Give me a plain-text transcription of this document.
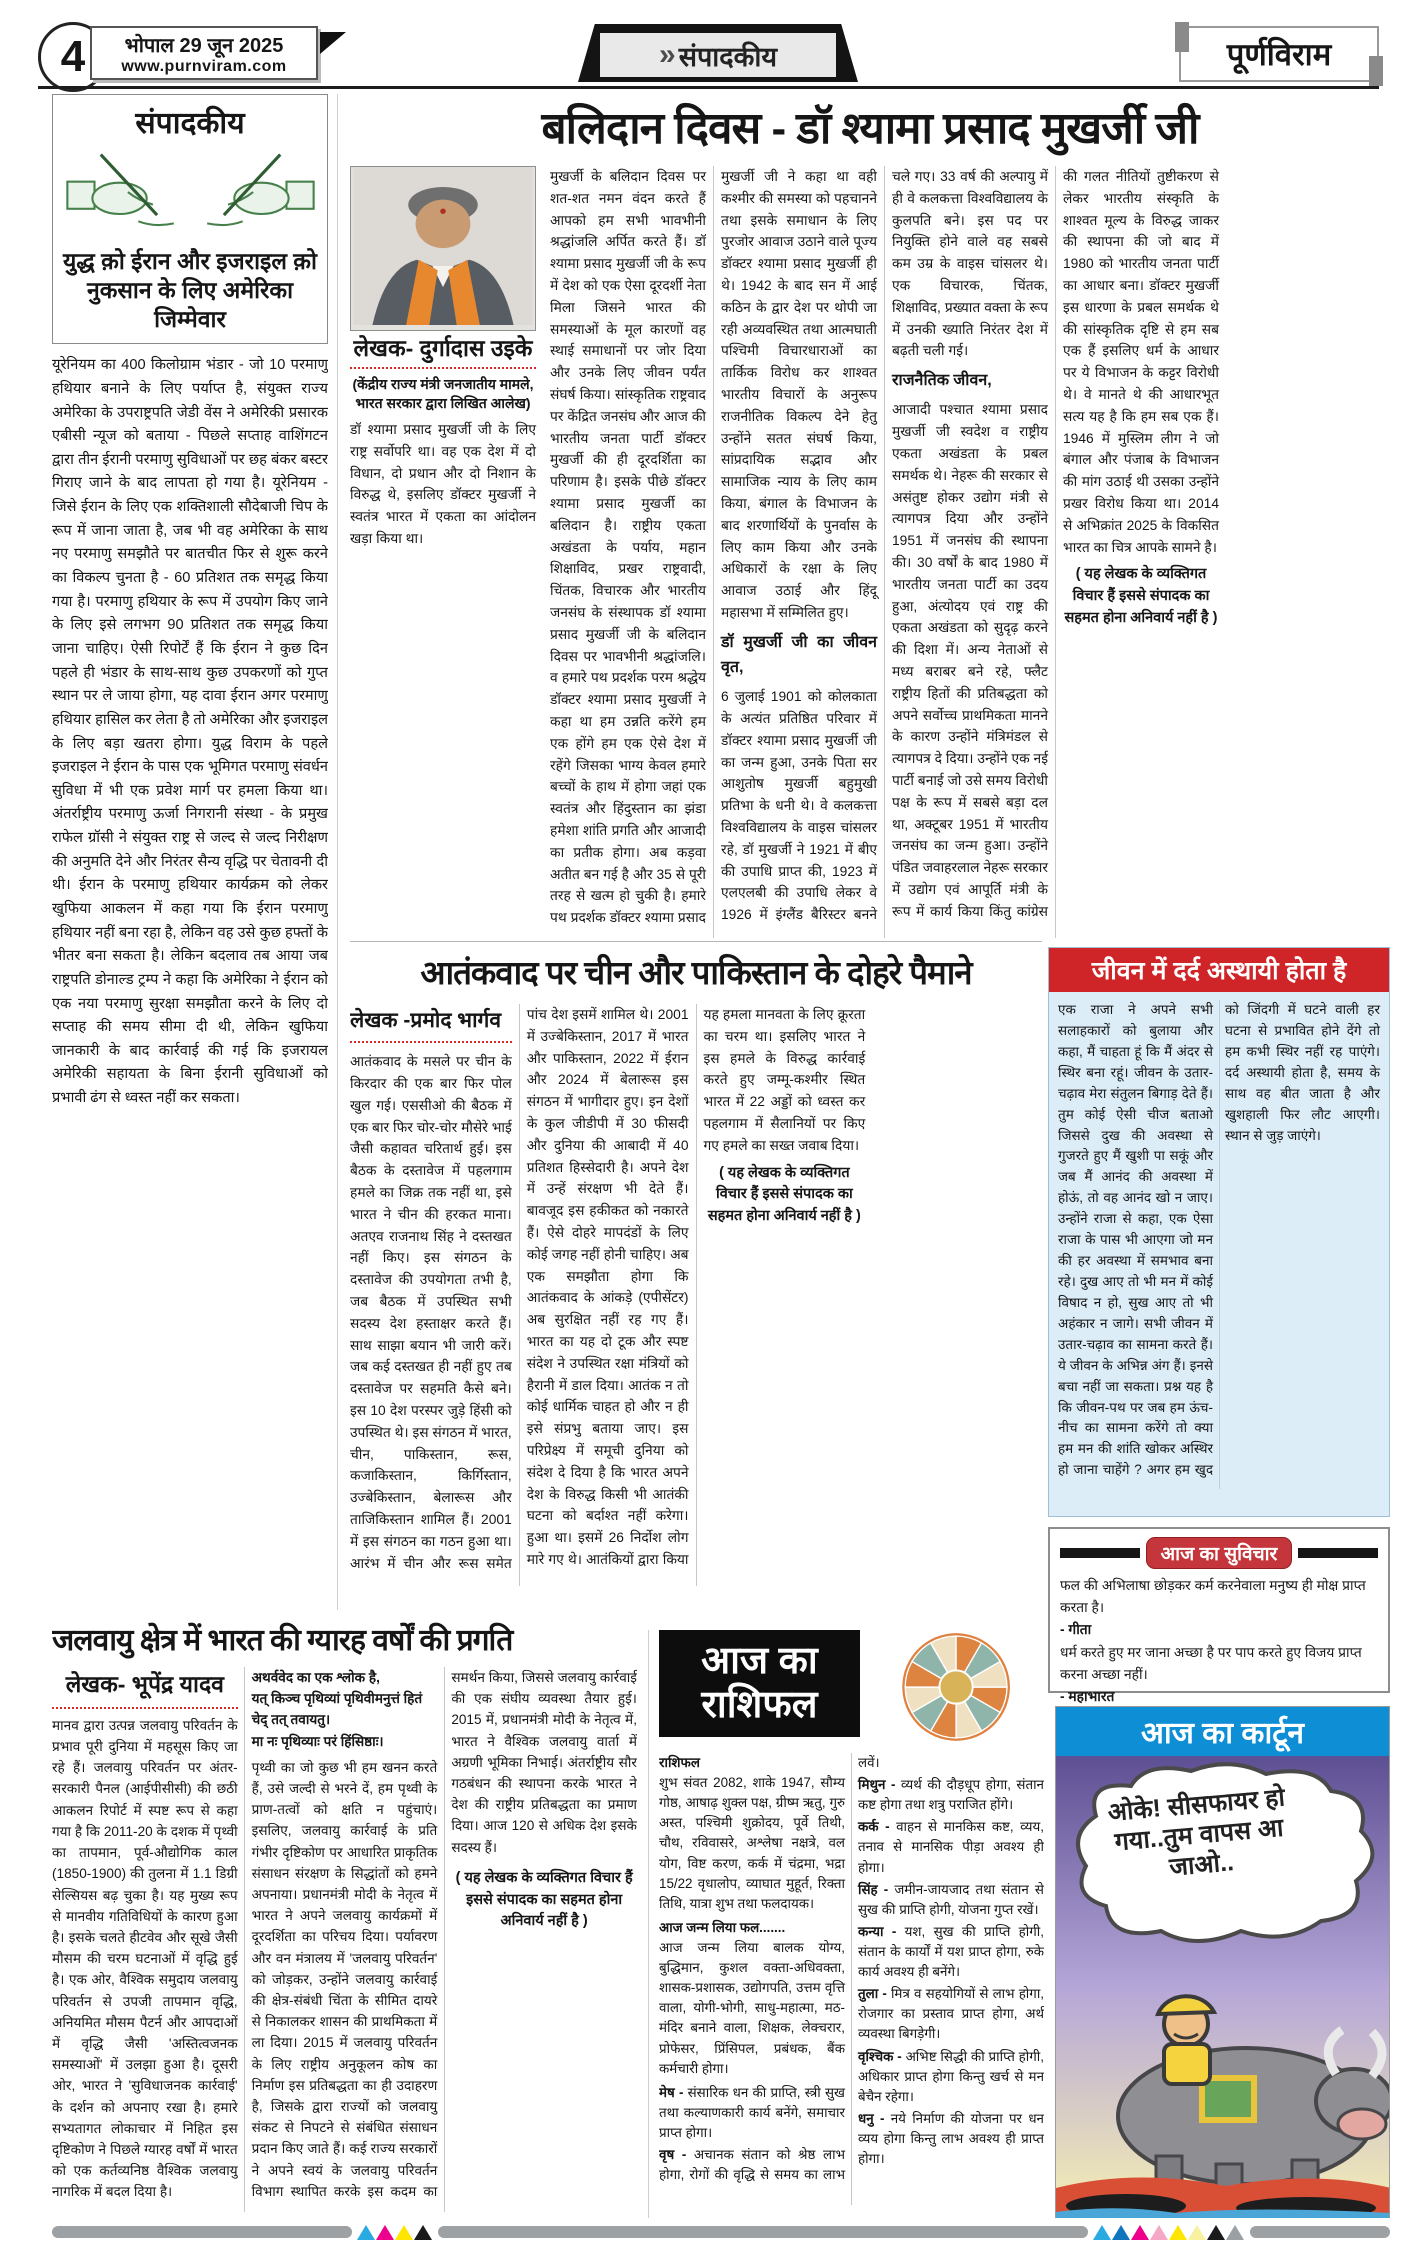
4	भोपाल 29 जून 2025
www.purnviram.com	» संपादकीय	पूर्णविराम
संपादकीय
युद्ध क़ो ईरान और इजराइल क़ो नुकसान के लिए अमेरिका जिम्मेवार
यूरेनियम का 400 किलोग्राम भंडार - जो 10 परमाणु हथियार बनाने के लिए पर्याप्त है, संयुक्त राज्य अमेरिका के उपराष्ट्रपति जेडी वेंस ने अमेरिकी प्रसारक एबीसी न्यूज को बताया - पिछले सप्ताह वाशिंगटन द्वारा तीन ईरानी परमाणु सुविधाओं पर छह बंकर बस्टर गिराए जाने के बाद लापता हो गया है। यूरेनियम - जिसे ईरान के लिए एक शक्तिशाली सौदेबाजी चिप के रूप में जाना जाता है, जब भी वह अमेरिका के साथ नए परमाणु समझौते पर बातचीत फिर से शुरू करने का विकल्प चुनता है - 60 प्रतिशत तक समृद्ध किया गया है। परमाणु हथियार के रूप में उपयोग किए जाने के लिए इसे लगभग 90 प्रतिशत तक समृद्ध किया जाना चाहिए। ऐसी रिपोर्टें हैं कि ईरान ने कुछ दिन पहले ही भंडार के साथ-साथ कुछ उपकरणों को गुप्त स्थान पर ले जाया होगा, यह दावा ईरान अगर परमाणु हथियार हासिल कर लेता है तो अमेरिका और इजराइल के लिए बड़ा खतरा होगा। युद्ध विराम के पहले इजराइल ने ईरान के पास एक भूमिगत परमाणु संवर्धन सुविधा में भी एक प्रवेश मार्ग पर हमला किया था। अंतर्राष्ट्रीय परमाणु ऊर्जा निगरानी संस्था - के प्रमुख राफेल ग्रॉसी ने संयुक्त राष्ट्र से जल्द से जल्द निरीक्षण की अनुमति देने और निरंतर सैन्य वृद्धि पर चेतावनी दी थी। ईरान के परमाणु हथियार कार्यक्रम को लेकर खुफिया आकलन में कहा गया कि ईरान परमाणु हथियार नहीं बना रहा है, लेकिन वह उसे कुछ हफ्तों के भीतर बना सकता है। लेकिन बदलाव तब आया जब राष्ट्रपति डोनाल्ड ट्रम्प ने कहा कि अमेरिका ने ईरान को एक नया परमाणु सुरक्षा समझौता करने के लिए दो सप्ताह की समय सीमा दी थी, लेकिन खुफिया जानकारी के बाद कार्रवाई की गई कि इजरायल अमेरिकी सहायता के बिना ईरानी सुविधाओं को प्रभावी ढंग से ध्वस्त नहीं कर सकता।
बलिदान दिवस - डॉ श्यामा प्रसाद मुखर्जी जी
लेखक- दुर्गादास उइके
(केंद्रीय राज्य मंत्री जनजातीय मामले, भारत सरकार द्वारा लिखित आलेख)
डॉ श्यामा प्रसाद मुखर्जी जी के लिए राष्ट्र सर्वोपरि था। वह एक देश में दो विधान, दो प्रधान और दो निशान के विरुद्ध थे, इसलिए डॉक्टर मुखर्जी ने स्वतंत्र भारत में एकता का आंदोलन खड़ा किया था।

मुखर्जी के बलिदान दिवस पर शत-शत नमन वंदन करते हैं आपको हम सभी भावभीनी श्रद्धांजलि अर्पित करते हैं। डॉ श्यामा प्रसाद मुखर्जी जी के रूप में देश को एक ऐसा दूरदर्शी नेता मिला जिसने भारत की समस्याओं के मूल कारणों वह स्थाई समाधानों पर जोर दिया और उनके लिए जीवन पर्यंत संघर्ष किया। सांस्कृतिक राष्ट्रवाद पर केंद्रित जनसंघ और आज की भारतीय जनता पार्टी डॉक्टर मुखर्जी की ही दूरदर्शिता का परिणाम है। इसके पीछे डॉक्टर श्यामा प्रसाद मुखर्जी का बलिदान है। राष्ट्रीय एकता अखंडता के पर्याय, महान शिक्षाविद, प्रखर राष्ट्रवादी, चिंतक, विचारक और भारतीय जनसंघ के संस्थापक डॉ श्यामा प्रसाद मुखर्जी जी के बलिदान दिवस पर भावभीनी श्रद्धांजलि। व हमारे पथ प्रदर्शक परम श्रद्धेय डॉक्टर श्यामा प्रसाद मुखर्जी ने कहा था हम उन्नति करेंगे हम एक होंगे हम एक ऐसे देश में रहेंगे जिसका भाग्य केवल हमारे बच्चों के हाथ में होगा जहां एक स्वतंत्र और हिंदुस्तान का झंडा हमेशा शांति प्रगति और आजादी का प्रतीक होगा। अब कड़वा अतीत बन गई है और 35 से पूरी तरह से खत्म हो चुकी है। हमारे पथ प्रदर्शक डॉक्टर श्यामा प्रसाद मुखर्जी जी ने कहा था वही कश्मीर की समस्या को पहचानने तथा इसके समाधान के लिए पुरजोर आवाज उठाने वाले पूज्य डॉक्टर श्यामा प्रसाद मुखर्जी ही थे। 1942 के बाद सन में आई कठिन के द्वार देश पर थोपी जा रही अव्यवस्थित तथा आत्मघाती पश्चिमी विचारधाराओं का तार्किक विरोध कर शाश्वत भारतीय विचारों के अनुरूप राजनीतिक विकल्प देने हेतु उन्होंने सतत संघर्ष किया, सांप्रदायिक सद्भाव और सामाजिक न्याय के लिए काम किया, बंगाल के विभाजन के बाद शरणार्थियों के पुनर्वास के लिए काम किया और उनके अधिकारों के रक्षा के लिए आवाज उठाई और हिंदू महासभा में सम्मिलित हुए।

डॉ मुखर्जी जी का जीवन वृत,

6 जुलाई 1901 को कोलकाता के अत्यंत प्रतिष्ठित परिवार में डॉक्टर श्यामा प्रसाद मुखर्जी जी का जन्म हुआ, उनके पिता सर आशुतोष मुखर्जी बहुमुखी प्रतिभा के धनी थे। वे कलकत्ता विश्वविद्यालय के वाइस चांसलर रहे, डॉ मुखर्जी ने 1921 में बीए की उपाधि प्राप्त की, 1923 में एलएलबी की उपाधि लेकर वे 1926 में इंग्लैंड बैरिस्टर बनने चले गए। 33 वर्ष की अल्पायु में ही वे कलकत्ता विश्वविद्यालय के कुलपति बने। इस पद पर नियुक्ति होने वाले वह सबसे कम उम्र के वाइस चांसलर थे। एक विचारक, चिंतक, शिक्षाविद, प्रख्यात वक्ता के रूप में उनकी ख्याति निरंतर देश में बढ़ती चली गई।

राजनैतिक जीवन,

आजादी पश्चात श्यामा प्रसाद मुखर्जी जी स्वदेश व राष्ट्रीय एकता अखंडता के प्रबल समर्थक थे। नेहरू की सरकार से असंतुष्ट होकर उद्योग मंत्री से त्यागपत्र दिया और उन्होंने 1951 में जनसंघ की स्थापना की। 30 वर्षों के बाद 1980 में भारतीय जनता पार्टी का उदय हुआ, अंत्योदय एवं राष्ट्र की एकता अखंडता को सुदृढ़ करने की दिशा में। अन्य नेताओं से मध्य बराबर बने रहे, फ्लैट राष्ट्रीय हितों की प्रतिबद्धता को अपने सर्वोच्च प्राथमिकता मानने के कारण उन्होंने मंत्रिमंडल से त्यागपत्र दे दिया। उन्होंने एक नई पार्टी बनाई जो उसे समय विरोधी पक्ष के रूप में सबसे बड़ा दल था, अक्टूबर 1951 में भारतीय जनसंघ का जन्म हुआ। उन्होंने पंडित जवाहरलाल नेहरू सरकार में उद्योग एवं आपूर्ति मंत्री के रूप में कार्य किया किंतु कांग्रेस की गलत नीतियों तुष्टीकरण से लेकर भारतीय संस्कृति के शाश्वत मूल्य के विरुद्ध जाकर की स्थापना की जो बाद में 1980 को भारतीय जनता पार्टी का आधार बना। डॉक्टर मुखर्जी इस धारणा के प्रबल समर्थक थे की सांस्कृतिक दृष्टि से हम सब एक हैं इसलिए धर्म के आधार पर ये विभाजन के कट्टर विरोधी थे। वे मानते थे की आधारभूत सत्य यह है कि हम सब एक हैं। 1946 में मुस्लिम लीग ने जो बंगाल और पंजाब के विभाजन की मांग उठाई थी उसका उन्होंने प्रखर विरोध किया था। 2014 से अभिक्रांत 2025 के विकसित भारत का चित्र आपके सामने है।

( यह लेखक के व्यक्तिगत विचार हैं इससे संपादक का सहमत होना अनिवार्य नहीं है )

आतंकवाद पर चीन और पाकिस्तान के दोहरे पैमाने
लेखक -प्रमोद भार्गव

आतंकवाद के मसले पर चीन के किरदार की एक बार फिर पोल खुल गई। एससीओ की बैठक में एक बार फिर चोर-चोर मौसेरे भाई जैसी कहावत चरितार्थ हुई। इस बैठक के दस्तावेज में पहलगाम हमले का जिक्र तक नहीं था, इसे भारत ने चीन की हरकत माना। अतएव राजनाथ सिंह ने दस्तखत नहीं किए। इस संगठन के दस्तावेज की उपयोगता तभी है, जब बैठक में उपस्थित सभी सदस्य देश हस्ताक्षर करते हैं। साथ साझा बयान भी जारी करें। जब कई दस्तखत ही नहीं हुए तब दस्तावेज पर सहमति कैसे बने। इस 10 देश परस्पर जुड़े हिंसी को उपस्थित थे। इस संगठन में भारत, चीन, पाकिस्तान, रूस, कजाकिस्तान, किर्गिस्तान, उज्बेकिस्तान, बेलारूस और ताजिकिस्तान शामिल हैं। 2001 में इस संगठन का गठन हुआ था। आरंभ में चीन और रूस समेत पांच देश इसमें शामिल थे। 2001 में उज्बेकिस्तान, 2017 में भारत और पाकिस्तान, 2022 में ईरान और 2024 में बेलारूस इस संगठन में भागीदार हुए। इन देशों के कुल जीडीपी में 30 फीसदी और दुनिया की आबादी में 40 प्रतिशत हिस्सेदारी है। अपने देश में उन्हें संरक्षण भी देते हैं। बावजूद इस हकीकत को नकारते हैं। ऐसे दोहरे मापदंडों के लिए कोई जगह नहीं होनी चाहिए। अब एक समझौता होगा कि आतंकवाद के आंकड़े (एपीसेंटर) अब सुरक्षित नहीं रह गए हैं। भारत का यह दो टूक और स्पष्ट संदेश ने उपस्थित रक्षा मंत्रियों को हैरानी में डाल दिया। आतंक न तो कोई धार्मिक चाहत हो और न ही इसे संप्रभु बताया जाए। इस परिप्रेक्ष्य में समूची दुनिया को संदेश दे दिया है कि भारत अपने देश के विरुद्ध किसी भी आतंकी घटना को बर्दाश्त नहीं करेगा। हुआ था। इसमें 26 निर्दोश लोग मारे गए थे। आतंकियों द्वारा किया यह हमला मानवता के लिए क्रूरता का चरम था। इसलिए भारत ने इस हमले के विरुद्ध कार्रवाई करते हुए जम्मू-कश्मीर स्थित भारत में 22 अड्डों को ध्वस्त कर पहलगाम में सैलानियों पर किए गए हमले का सख्त जवाब दिया।

( यह लेखक के व्यक्तिगत विचार हैं इससे संपादक का सहमत होना अनिवार्य नहीं है )

जीवन में दर्द अस्थायी होता है
एक राजा ने अपने सभी सलाहकारों को बुलाया और कहा, मैं चाहता हूं कि मैं अंदर से स्थिर बना रहूं। जीवन के उतार-चढ़ाव मेरा संतुलन बिगाड़ देते हैं। तुम कोई ऐसी चीज बताओ जिससे दुख की अवस्था से गुजरते हुए मैं खुशी पा सकूं और जब मैं आनंद की अवस्था में होऊं, तो वह आनंद खो न जाए। उन्होंने राजा से कहा, एक ऐसा राजा के पास भी आएगा जो मन की हर अवस्था में समभाव बना रहे। दुख आए तो भी मन में कोई विषाद न हो, सुख आए तो भी अहंकार न जागे। सभी जीवन में उतार-चढ़ाव का सामना करते हैं। ये जीवन के अभिन्न अंग हैं। इनसे बचा नहीं जा सकता। प्रश्न यह है कि जीवन-पथ पर जब हम ऊंच-नीच का सामना करेंगे तो क्या हम मन की शांति खोकर अस्थिर हो जाना चाहेंगे ? अगर हम खुद को जिंदगी में घटने वाली हर घटना से प्रभावित होने देंगे तो हम कभी स्थिर नहीं रह पाएंगे। दर्द अस्थायी होता है, समय के साथ वह बीत जाता है और खुशहाली फिर लौट आएगी। स्थान से जुड़ जाएंगे।
आज का सुविचार
फल की अभिलाषा छोड़कर कर्म करनेवाला मनुष्य ही मोक्ष प्राप्त करता है।
- गीता
धर्म करते हुए मर जाना अच्छा है पर पाप करते हुए विजय प्राप्त करना अच्छा नहीं।
- महाभारत
जलवायु क्षेत्र में भारत की ग्यारह वर्षों की प्रगति
लेखक- भूपेंद्र यादव

मानव द्वारा उत्पन्न जलवायु परिवर्तन के प्रभाव पूरी दुनिया में महसूस किए जा रहे हैं। जलवायु परिवर्तन पर अंतर-सरकारी पैनल (आईपीसीसी) की छठी आकलन रिपोर्ट में स्पष्ट रूप से कहा गया है कि 2011-20 के दशक में पृथ्वी का तापमान, पूर्व-औद्योगिक काल (1850-1900) की तुलना में 1.1 डिग्री सेल्सियस बढ़ चुका है। यह मुख्य रूप से मानवीय गतिविधियों के कारण हुआ है। इसके चलते हीटवेव और सूखे जैसी मौसम की चरम घटनाओं में वृद्धि हुई है। एक ओर, वैश्विक समुदाय जलवायु परिवर्तन से उपजी तापमान वृद्धि, अनियमित मौसम पैटर्न और आपदाओं में वृद्धि जैसी 'अस्तित्वजनक समस्याओं' में उलझा हुआ है। दूसरी ओर, भारत ने 'सुविधाजनक कार्रवाई' के दर्शन को अपनाए रखा है। हमारे सभ्यतागत लोकाचार में निहित इस दृष्टिकोण ने पिछले ग्यारह वर्षों में भारत को एक कर्तव्यनिष्ठ वैश्विक जलवायु नागरिक में बदल दिया है।

अथर्ववेद का एक श्लोक है,

यत् किञ्च पृथिव्यां पृथिवीमनुत्तं हितं चेद् तत् तवायतु।

मा नः पृथिव्याः परं हिंसिष्ठाः।

पृथ्वी का जो कुछ भी हम खनन करते हैं, उसे जल्दी से भरने दें, हम पृथ्वी के प्राण-तत्वों को क्षति न पहुंचाएं। इसलिए, जलवायु कार्रवाई के प्रति गंभीर दृष्टिकोण पर आधारित प्राकृतिक संसाधन संरक्षण के सिद्धांतों को हमने अपनाया। प्रधानमंत्री मोदी के नेतृत्व में भारत ने अपने जलवायु कार्यक्रमों में दूरदर्शिता का परिचय दिया। पर्यावरण और वन मंत्रालय में 'जलवायु परिवर्तन' को जोड़कर, उन्होंने जलवायु कार्रवाई की क्षेत्र-संबंधी चिंता के सीमित दायरे से निकालकर शासन की प्राथमिकता में ला दिया। 2015 में जलवायु परिवर्तन के लिए राष्ट्रीय अनुकूलन कोष का निर्माण इस प्रतिबद्धता का ही उदाहरण है, जिसके द्वारा राज्यों को जलवायु संकट से निपटने से संबंधित संसाधन प्रदान किए जाते हैं। कई राज्य सरकारों ने अपने स्वयं के जलवायु परिवर्तन विभाग स्थापित करके इस कदम का समर्थन किया, जिससे जलवायु कार्रवाई की एक संघीय व्यवस्था तैयार हुई। 2015 में, प्रधानमंत्री मोदी के नेतृत्व में, भारत ने वैश्विक जलवायु वार्ता में अग्रणी भूमिका निभाई। अंतर्राष्ट्रीय सौर गठबंधन की स्थापना करके भारत ने देश की राष्ट्रीय प्रतिबद्धता का प्रमाण दिया। आज 120 से अधिक देश इसके सदस्य हैं।

( यह लेखक के व्यक्तिगत विचार हैं इससे संपादक का सहमत होना अनिवार्य नहीं है )

आज का राशिफल

राशिफल

शुभ संवत 2082, शाके 1947, सौम्य गोष्ठ, आषाढ़ शुक्ल पक्ष, ग्रीष्म ऋतु, गुरु अस्त, पश्चिमी शुक्रोदय, पूर्वे तिथी, चौथ, रविवासरे, अश्लेषा नक्षत्रे, वल योग, विष्ट करण, कर्क में चंद्रमा, भद्रा 15/22 वृधालोप, व्याघात मुहूर्त, रिक्ता तिथि, यात्रा शुभ तथा फलदायक।

आज जन्म लिया फल.......

आज जन्म लिया बालक योग्य, बुद्धिमान, कुशल वक्ता-अधिवक्ता, शासक-प्रशासक, उद्योगपति, उत्तम वृत्ति वाला, योगी-भोगी, साधु-महात्मा, मठ-मंदिर बनाने वाला, शिक्षक, लेक्चरार, प्रोफेसर, प्रिंसिपल, प्रबंधक, बैंक कर्मचारी होगा।

मेष - संसारिक धन की प्राप्ति, स्त्री सुख तथा कल्याणकारी कार्य बनेंगे, समाचार प्राप्त होगा।

वृष - अचानक संतान को श्रेष्ठ लाभ होगा, रोगों की वृद्धि से समय का लाभ लवें।

मिथुन - व्यर्थ की दौड़धूप होगा, संतान कष्ट होगा तथा शत्रु पराजित होंगे।

कर्क - वाहन से मानकिस कष्ट, व्यय, तनाव से मानसिक पीड़ा अवश्य ही होगा।

सिंह - जमीन-जायजाद तथा संतान से सुख की प्राप्ति होगी, योजना गुप्त रखें।

कन्या - यश, सुख की प्राप्ति होगी, संतान के कार्यों में यश प्राप्त होगा, रुके कार्य अवश्य ही बनेंगे।

तुला - मित्र व सहयोगियों से लाभ होगा, रोजगार का प्रस्ताव प्राप्त होगा, अर्थ व्यवस्था बिगड़ेगी।

वृश्चिक - अभिष्ट सिद्धी की प्राप्ति होगी, अधिकार प्राप्त होगा किन्तु खर्च से मन बेचैन रहेगा।

धनु - नये निर्माण की योजना पर धन व्यय होगा किन्तु लाभ अवश्य ही प्राप्त होगा।

आज का कार्टून
ओके! सीसफायर हो गया..तुम वापस आ जाओ..
